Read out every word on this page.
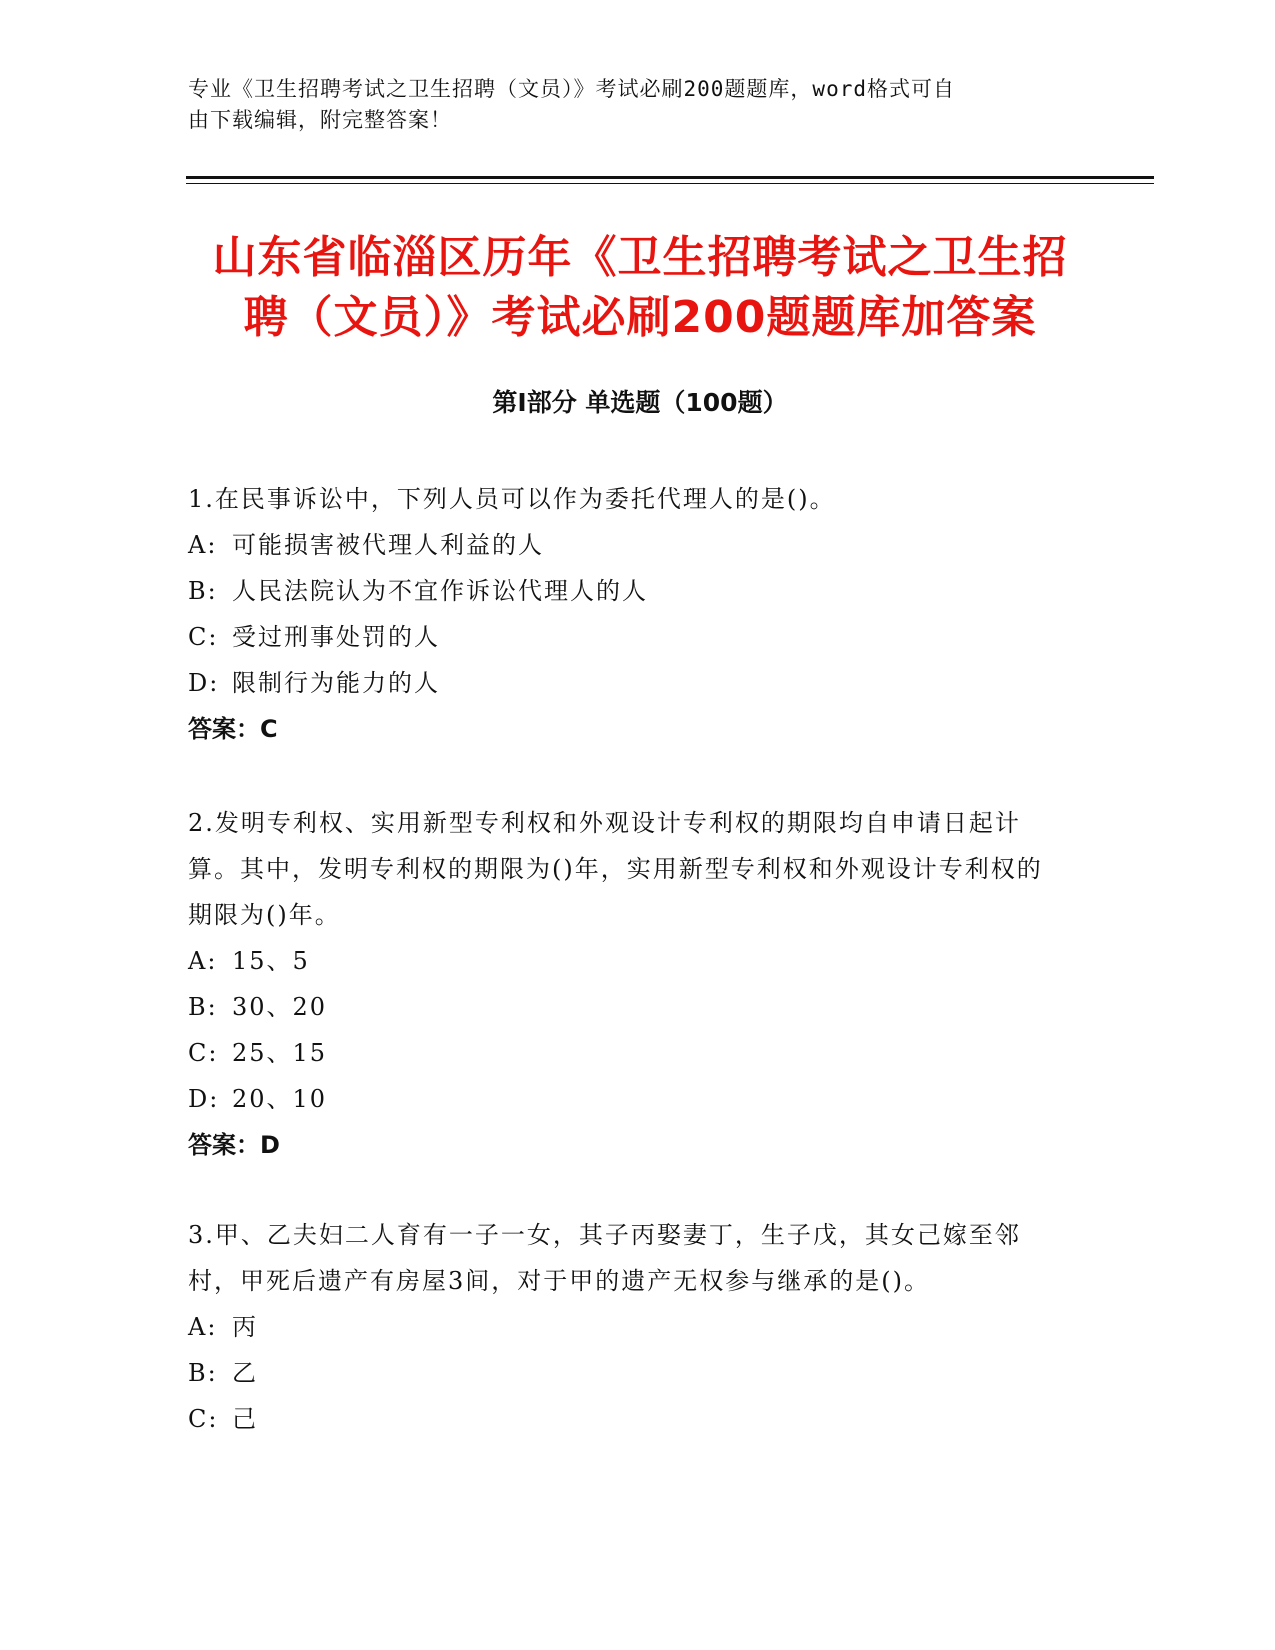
专业《卫生招聘考试之卫生招聘（文员）》考试必刷200题题库，word格式可自
由下载编辑，附完整答案！
山东省临淄区历年《卫生招聘考试之卫生招
聘（文员）》考试必刷200题题库加答案
第Ⅰ部分 单选题（100题）

1.在民事诉讼中，下列人员可以作为委托代理人的是()。

A: 可能损害被代理人利益的人

B: 人民法院认为不宜作诉讼代理人的人

C: 受过刑事处罚的人

D: 限制行为能力的人

答案：C

2.发明专利权、实用新型专利权和外观设计专利权的期限均自申请日起计算。其中，发明专利权的期限为()年，实用新型专利权和外观设计专利权的期限为()年。

A: 15、5

B: 30、20

C: 25、15

D: 20、10

答案：D

3.甲、乙夫妇二人育有一子一女，其子丙娶妻丁，生子戊，其女己嫁至邻村，甲死后遗产有房屋3间，对于甲的遗产无权参与继承的是()。

A: 丙

B: 乙

C: 己
